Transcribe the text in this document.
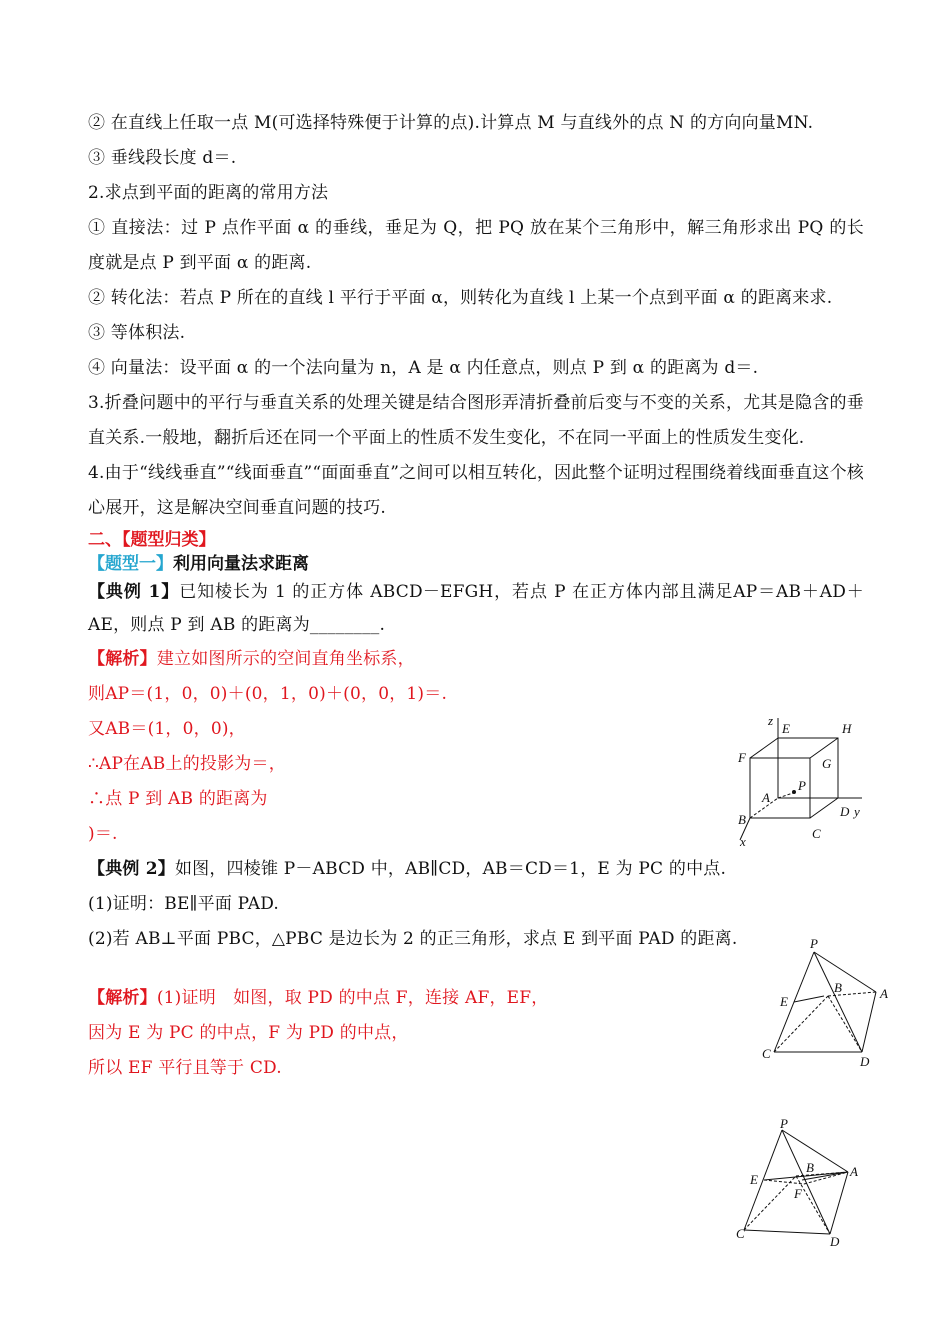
② 在直线上任取一点 M(可选择特殊便于计算的点).计算点 M 与直线外的点 N 的方向向量MN.
③ 垂线段长度 d＝.
2.求点到平面的距离的常用方法
① 直接法：过 P 点作平面 α 的垂线，垂足为 Q，把 PQ 放在某个三角形中，解三角形求出 PQ 的长度就是点 P 到平面 α 的距离.
② 转化法：若点 P 所在的直线 l 平行于平面 α，则转化为直线 l 上某一个点到平面 α 的距离来求.
③ 等体积法.
④ 向量法：设平面 α 的一个法向量为 n，A 是 α 内任意点，则点 P 到 α 的距离为 d＝.
3.折叠问题中的平行与垂直关系的处理关键是结合图形弄清折叠前后变与不变的关系，尤其是隐含的垂直关系.一般地，翻折后还在同一个平面上的性质不发生变化，不在同一平面上的性质发生变化.
4.由于“线线垂直”“线面垂直”“面面垂直”之间可以相互转化，因此整个证明过程围绕着线面垂直这个核心展开，这是解决空间垂直问题的技巧.
二、【题型归类】
【题型一】利用向量法求距离
【典例 1】已知棱长为 1 的正方体 ABCD－EFGH，若点 P 在正方体内部且满足AP＝AB＋AD＋AE，则点 P 到 AB 的距离为________.
【解析】建立如图所示的空间直角坐标系，
则AP＝(1，0，0)＋(0，1，0)＋(0，0，1)＝.
又AB＝(1，0，0)，
∴AP在AB上的投影为＝，
∴点 P 到 AB 的距离为
)＝.
【典例 2】如图，四棱锥 P－ABCD 中，AB∥CD，AB＝CD＝1，E 为 PC 的中点.
(1)证明：BE∥平面 PAD.
(2)若 AB⊥平面 PBC，△PBC 是边长为 2 的正三角形，求点 E 到平面 PAD 的距离.
【解析】(1)证明　如图，取 PD 的中点 F，连接 AF，EF，
因为 E 为 PC 的中点，F 为 PD 的中点，
所以 EF 平行且等于 CD.
z
E	H
F	G
P
A
B
D y
C
x
P
E
B	A
C
D
P
B	A
E
F
C
D
